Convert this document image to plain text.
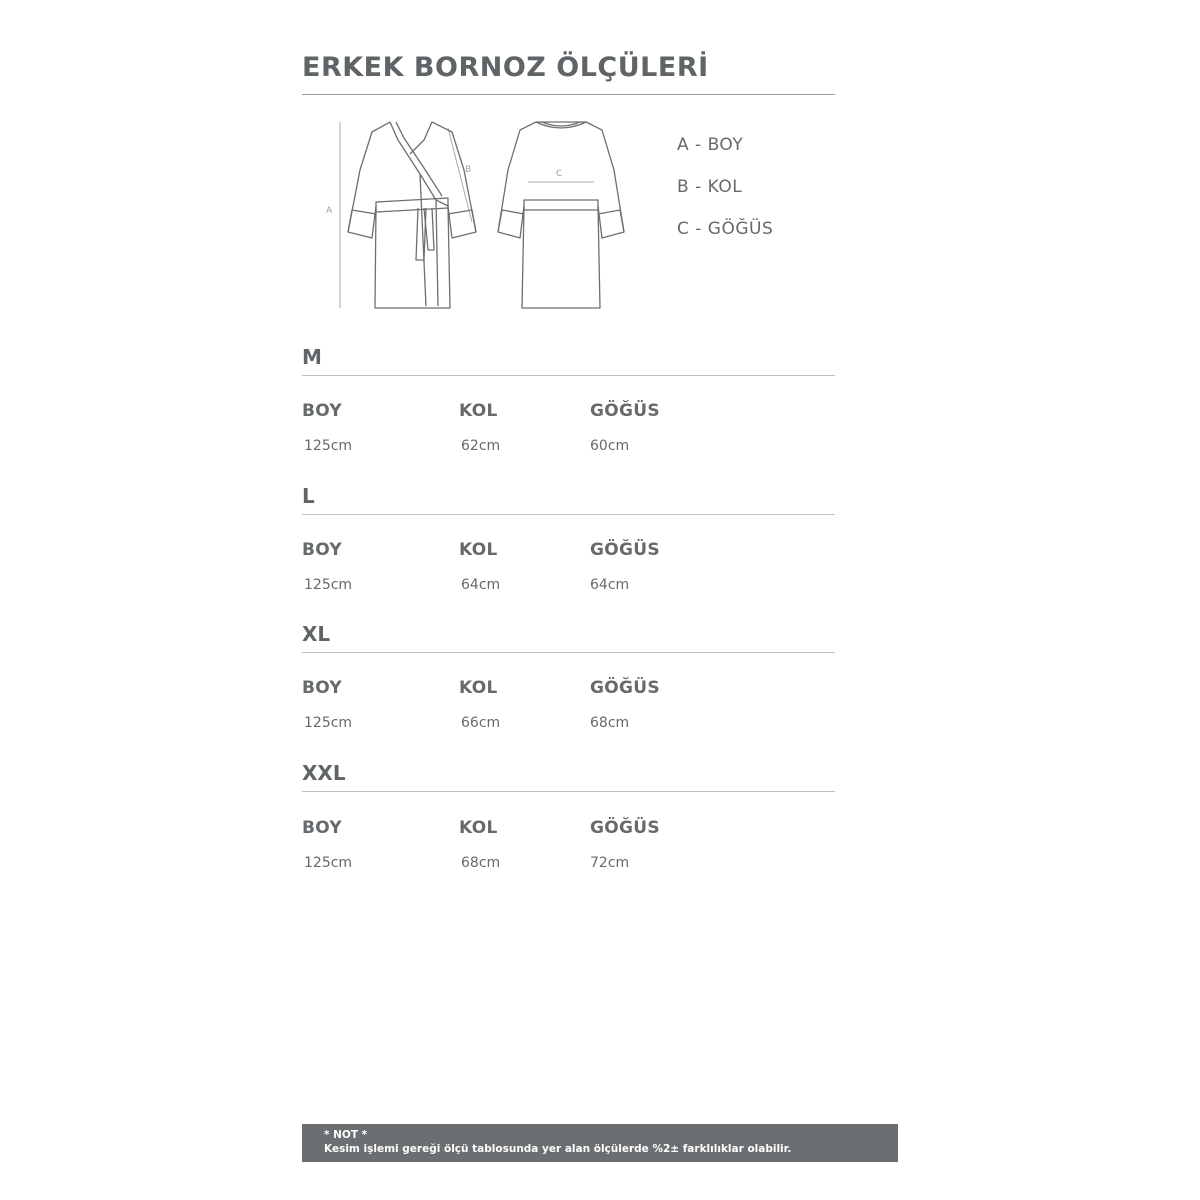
ERKEK BORNOZ ÖLÇÜLERİ
A
B	C
A - BOY
B - KOL
C - GÖĞÜS
M
BOY	KOL	GÖĞÜS
125cm	62cm	60cm
L
BOY	KOL	GÖĞÜS
125cm	64cm	64cm
XL
BOY	KOL	GÖĞÜS
125cm	66cm	68cm
XXL
BOY	KOL	GÖĞÜS
125cm	68cm	72cm
* NOT *
Kesim işlemi gereği ölçü tablosunda yer alan ölçülerde %2± farklılıklar olabilir.
